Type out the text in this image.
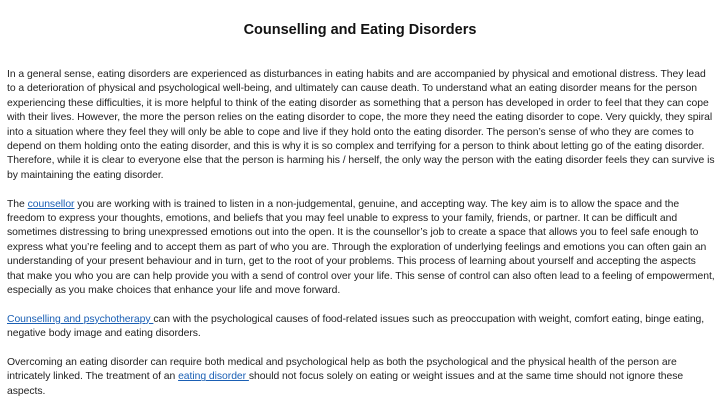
Counselling and Eating Disorders

In a general sense, eating disorders are experienced as disturbances in eating habits and are accompanied by physical and emotional distress. They lead to a deterioration of physical and psychological well-being, and ultimately can cause death. To understand what an eating disorder means for the person experiencing these difficulties, it is more helpful to think of the eating disorder as something that a person has developed in order to feel that they can cope with their lives. However, the more the person relies on the eating disorder to cope, the more they need the eating disorder to cope. Very quickly, they spiral into a situation where they feel they will only be able to cope and live if they hold onto the eating disorder. The person’s sense of who they are comes to depend on them holding onto the eating disorder, and this is why it is so complex and terrifying for a person to think about letting go of the eating disorder. Therefore, while it is clear to everyone else that the person is harming his / herself, the only way the person with the eating disorder feels they can survive is by maintaining the eating disorder.

The counsellor you are working with is trained to listen in a non-judgemental, genuine, and accepting way. The key aim is to allow the space and the freedom to express your thoughts, emotions, and beliefs that you may feel unable to express to your family, friends, or partner. It can be difficult and sometimes distressing to bring unexpressed emotions out into the open. It is the counsellor’s job to create a space that allows you to feel safe enough to express what you’re feeling and to accept them as part of who you are. Through the exploration of underlying feelings and emotions you can often gain an understanding of your present behaviour and in turn, get to the root of your problems. This process of learning about yourself and accepting the aspects that make you who you are can help provide you with a send of control over your life. This sense of control can also often lead to a feeling of empowerment, especially as you make choices that enhance your life and move forward.

Counselling and psychotherapy can with the psychological causes of food-related issues such as preoccupation with weight, comfort eating, binge eating, negative body image and eating disorders.

Overcoming an eating disorder can require both medical and psychological help as both the psychological and the physical health of the person are intricately linked. The treatment of an eating disorder should not focus solely on eating or weight issues and at the same time should not ignore these aspects.
